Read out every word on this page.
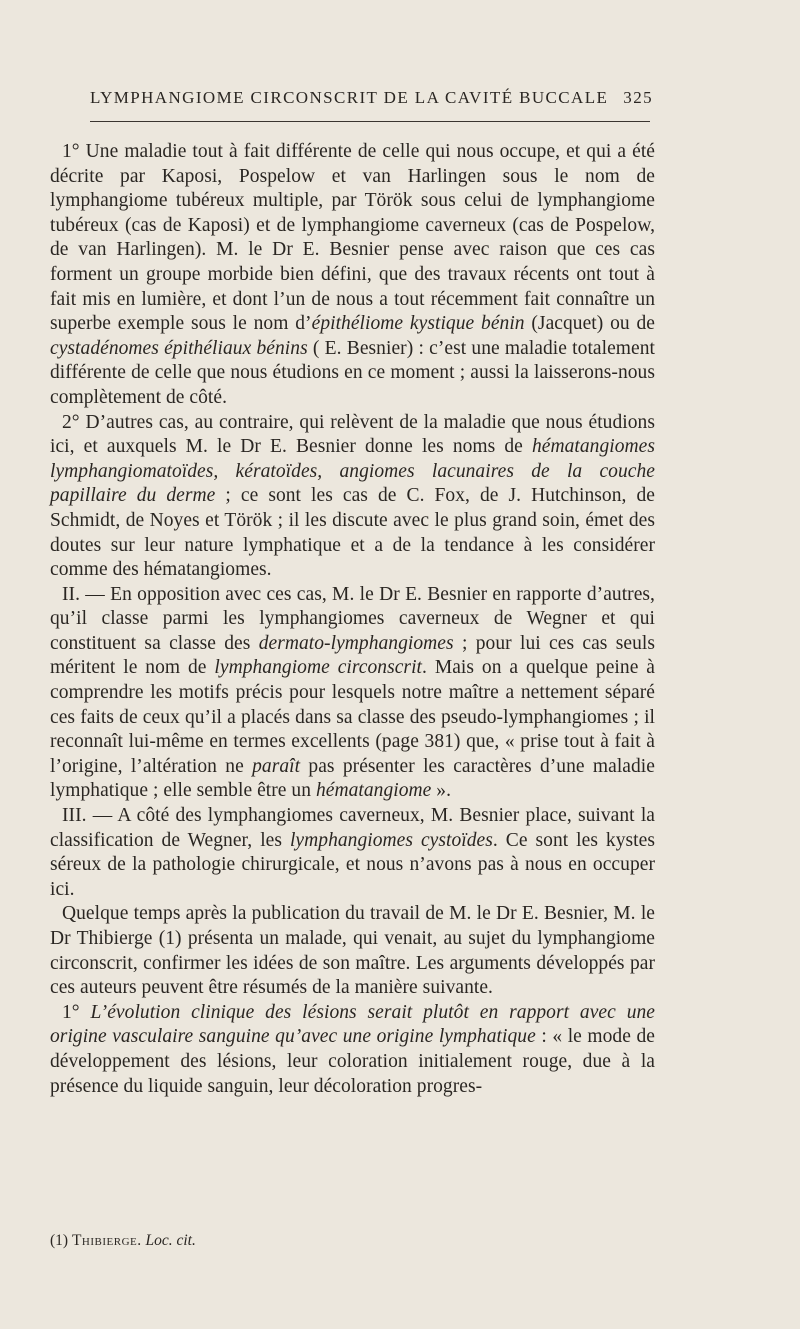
LYMPHANGIOME CIRCONSCRIT DE LA CAVITÉ BUCCALE 325

1° Une maladie tout à fait différente de celle qui nous occupe, et qui a été décrite par Kaposi, Pospelow et van Harlingen sous le nom de lymphangiome tubéreux multiple, par Török sous celui de lymphangiome tubéreux (cas de Kaposi) et de lymphangiome caverneux (cas de Pospelow, de van Harlingen). M. le Dr E. Besnier pense avec raison que ces cas forment un groupe morbide bien défini, que des travaux récents ont tout à fait mis en lumière, et dont l’un de nous a tout récemment fait connaître un superbe exemple sous le nom d’épithéliome kystique bénin (Jacquet) ou de cystadénomes épithéliaux bénins ( E. Besnier) : c’est une maladie totalement différente de celle que nous étudions en ce moment ; aussi la laisserons-nous complètement de côté.

2° D’autres cas, au contraire, qui relèvent de la maladie que nous étudions ici, et auxquels M. le Dr E. Besnier donne les noms de hématangiomes lymphangiomatoïdes, kératoïdes, angiomes lacunaires de la couche papillaire du derme ; ce sont les cas de C. Fox, de J. Hutchinson, de Schmidt, de Noyes et Török ; il les discute avec le plus grand soin, émet des doutes sur leur nature lymphatique et a de la tendance à les considérer comme des hématangiomes.

II. — En opposition avec ces cas, M. le Dr E. Besnier en rapporte d’autres, qu’il classe parmi les lymphangiomes caverneux de Wegner et qui constituent sa classe des dermato-lymphangiomes ; pour lui ces cas seuls méritent le nom de lymphangiome circonscrit. Mais on a quelque peine à comprendre les motifs précis pour lesquels notre maître a nettement séparé ces faits de ceux qu’il a placés dans sa classe des pseudo-lymphangiomes ; il reconnaît lui-même en termes excellents (page 381) que, « prise tout à fait à l’origine, l’altération ne paraît pas présenter les caractères d’une maladie lymphatique ; elle semble être un hématangiome ».

III. — A côté des lymphangiomes caverneux, M. Besnier place, suivant la classification de Wegner, les lymphangiomes cystoïdes. Ce sont les kystes séreux de la pathologie chirurgicale, et nous n’avons pas à nous en occuper ici.

Quelque temps après la publication du travail de M. le Dr E. Besnier, M. le Dr Thibierge (1) présenta un malade, qui venait, au sujet du lymphangiome circonscrit, confirmer les idées de son maître. Les arguments développés par ces auteurs peuvent être résumés de la manière suivante.

1° L’évolution clinique des lésions serait plutôt en rapport avec une origine vasculaire sanguine qu’avec une origine lymphatique : « le mode de développement des lésions, leur coloration initialement rouge, due à la présence du liquide sanguin, leur décoloration progres-

(1) Thibierge. Loc. cit.
